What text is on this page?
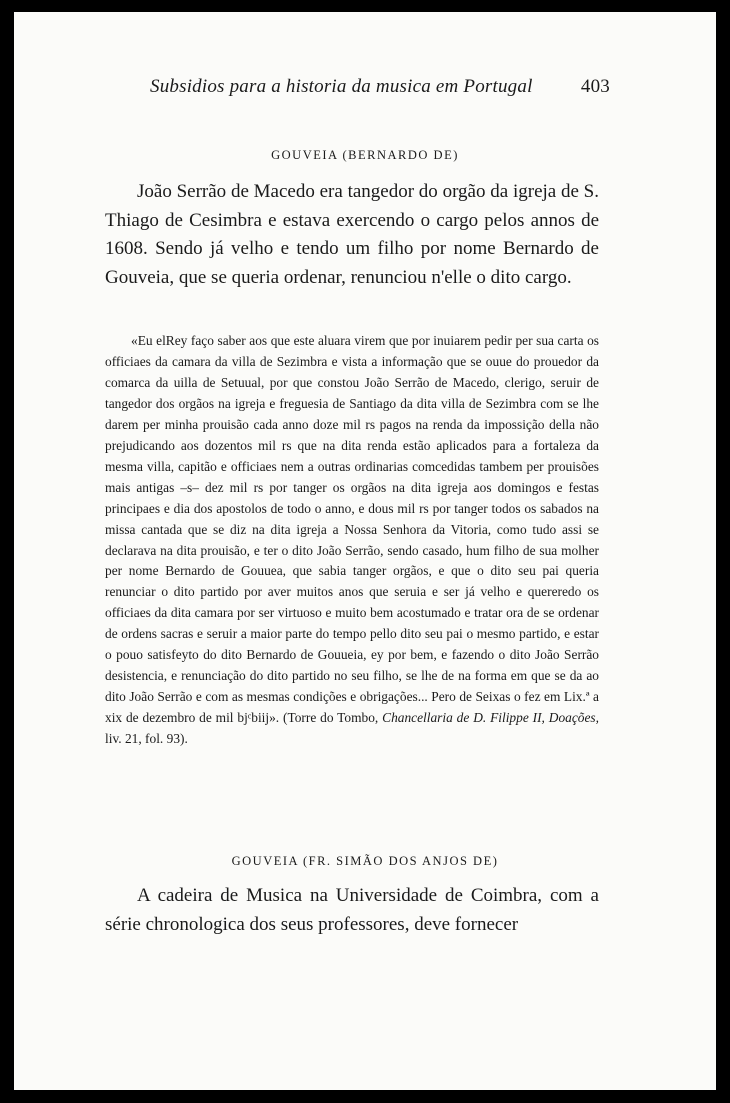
Subsidios para a historia da musica em Portugal	403
GOUVEIA (BERNARDO DE)

João Serrão de Macedo era tangedor do orgão da igreja de S. Thiago de Cesimbra e estava exercendo o cargo pelos annos de 1608. Sendo já velho e tendo um filho por nome Bernardo de Gouveia, que se queria ordenar, renunciou n'elle o dito cargo.

«Eu elRey faço saber aos que este aluara virem que por inuiarem pedir per sua carta os officiaes da camara da villa de Sezimbra e vista a informação que se ouue do prouedor da comarca da uilla de Setuual, por que constou João Serrão de Macedo, clerigo, seruir de tangedor dos orgãos na igreja e freguesia de Santiago da dita villa de Sezimbra com se lhe darem per minha prouisão cada anno doze mil rs pagos na renda da impossição della não prejudicando aos dozentos mil rs que na dita renda estão aplicados para a fortaleza da mesma villa, capitão e officiaes nem a outras ordinarias comcedidas tambem per prouisões mais antigas –s– dez mil rs por tanger os orgãos na dita igreja aos domingos e festas principaes e dia dos apostolos de todo o anno, e dous mil rs por tanger todos os sabados na missa cantada que se diz na dita igreja a Nossa Senhora da Vitoria, como tudo assi se declarava na dita prouisão, e ter o dito João Serrão, sendo casado, hum filho de sua molher per nome Bernardo de Gouuea, que sabia tanger orgãos, e que o dito seu pai queria renunciar o dito partido por aver muitos anos que seruia e ser já velho e quereredo os officiaes da dita camara por ser virtuoso e muito bem acostumado e tratar ora de se ordenar de ordens sacras e seruir a maior parte do tempo pello dito seu pai o mesmo partido, e estar o pouo satisfeyto do dito Bernardo de Gouueia, ey por bem, e fazendo o dito João Serrão desistencia, e renunciação do dito partido no seu filho, se lhe de na forma em que se da ao dito João Serrão e com as mesmas condições e obrigações... Pero de Seixas o fez em Lix.ª a xix de dezembro de mil bjᶜbiij». (Torre do Tombo, Chancellaria de D. Filippe II, Doações, liv. 21, fol. 93).

GOUVEIA (FR. SIMÃO DOS ANJOS DE)

A cadeira de Musica na Universidade de Coimbra, com a série chronologica dos seus professores, deve fornecer
